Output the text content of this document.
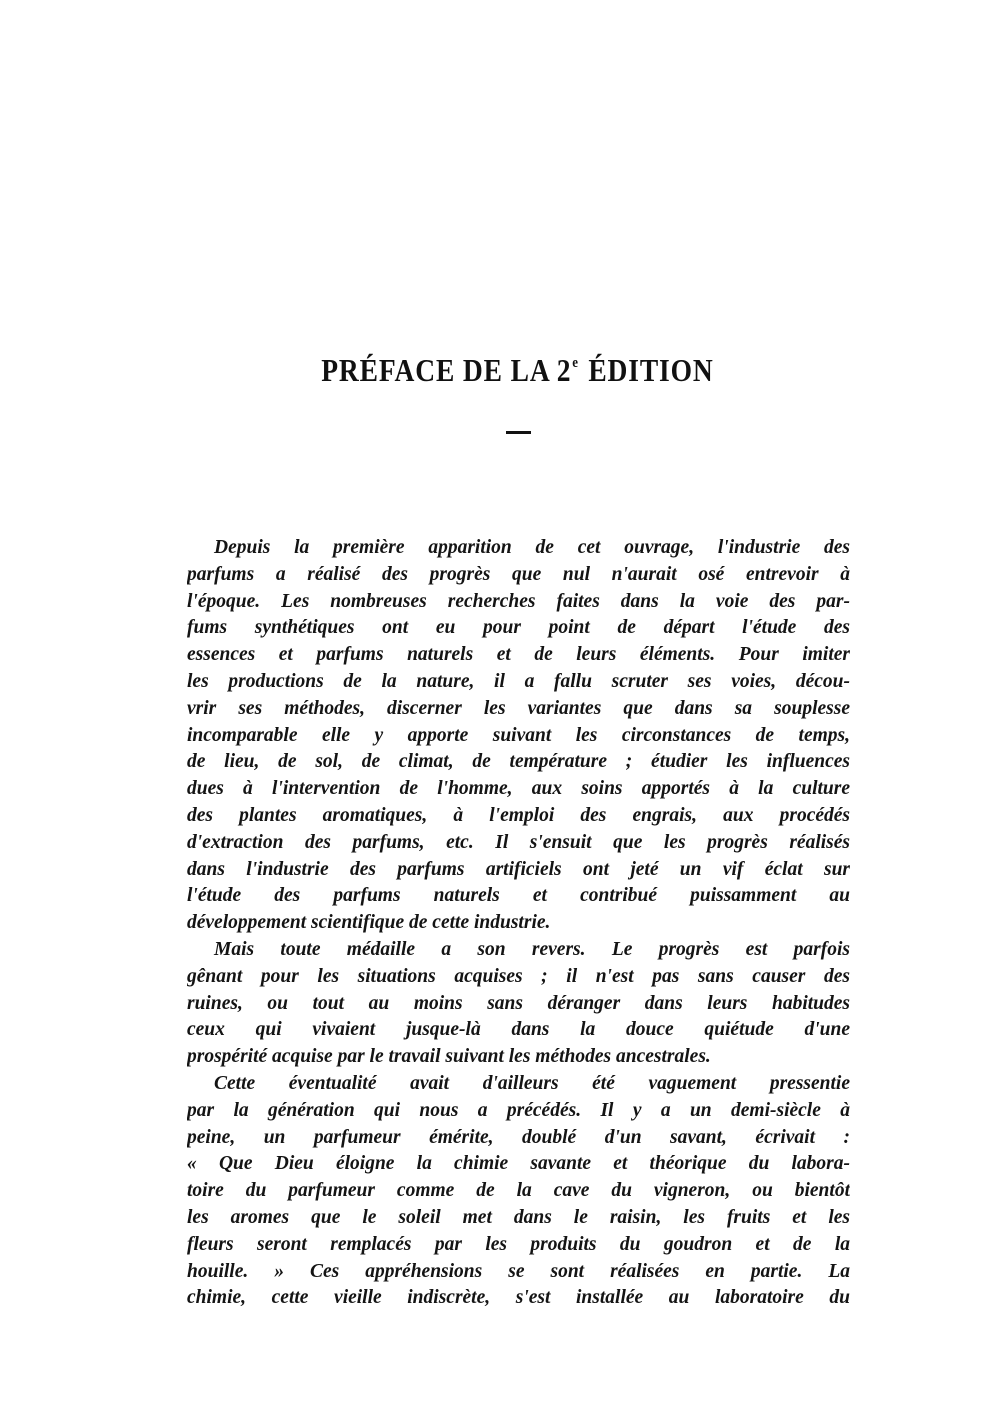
PRÉFACE DE LA 2e ÉDITION
Depuis la première apparition de cet ouvrage, l'industrie des
parfums a réalisé des progrès que nul n'aurait osé entrevoir à
l'époque. Les nombreuses recherches faites dans la voie des par-
fums synthétiques ont eu pour point de départ l'étude des
essences et parfums naturels et de leurs éléments. Pour imiter
les productions de la nature, il a fallu scruter ses voies, décou-
vrir ses méthodes, discerner les variantes que dans sa souplesse
incomparable elle y apporte suivant les circonstances de temps,
de lieu, de sol, de climat, de température ; étudier les influences
dues à l'intervention de l'homme, aux soins apportés à la culture
des plantes aromatiques, à l'emploi des engrais, aux procédés
d'extraction des parfums, etc. Il s'ensuit que les progrès réalisés
dans l'industrie des parfums artificiels ont jeté un vif éclat sur
l'étude des parfums naturels et contribué puissamment au
développement scientifique de cette industrie.
Mais toute médaille a son revers. Le progrès est parfois
gênant pour les situations acquises ; il n'est pas sans causer des
ruines, ou tout au moins sans déranger dans leurs habitudes
ceux qui vivaient jusque-là dans la douce quiétude d'une
prospérité acquise par le travail suivant les méthodes ancestrales.
Cette éventualité avait d'ailleurs été vaguement pressentie
par la génération qui nous a précédés. Il y a un demi-siècle à
peine, un parfumeur émérite, doublé d'un savant, écrivait :
« Que Dieu éloigne la chimie savante et théorique du labora-
toire du parfumeur comme de la cave du vigneron, ou bientôt
les aromes que le soleil met dans le raisin, les fruits et les
fleurs seront remplacés par les produits du goudron et de la
houille. » Ces appréhensions se sont réalisées en partie. La
chimie, cette vieille indiscrète, s'est installée au laboratoire du
